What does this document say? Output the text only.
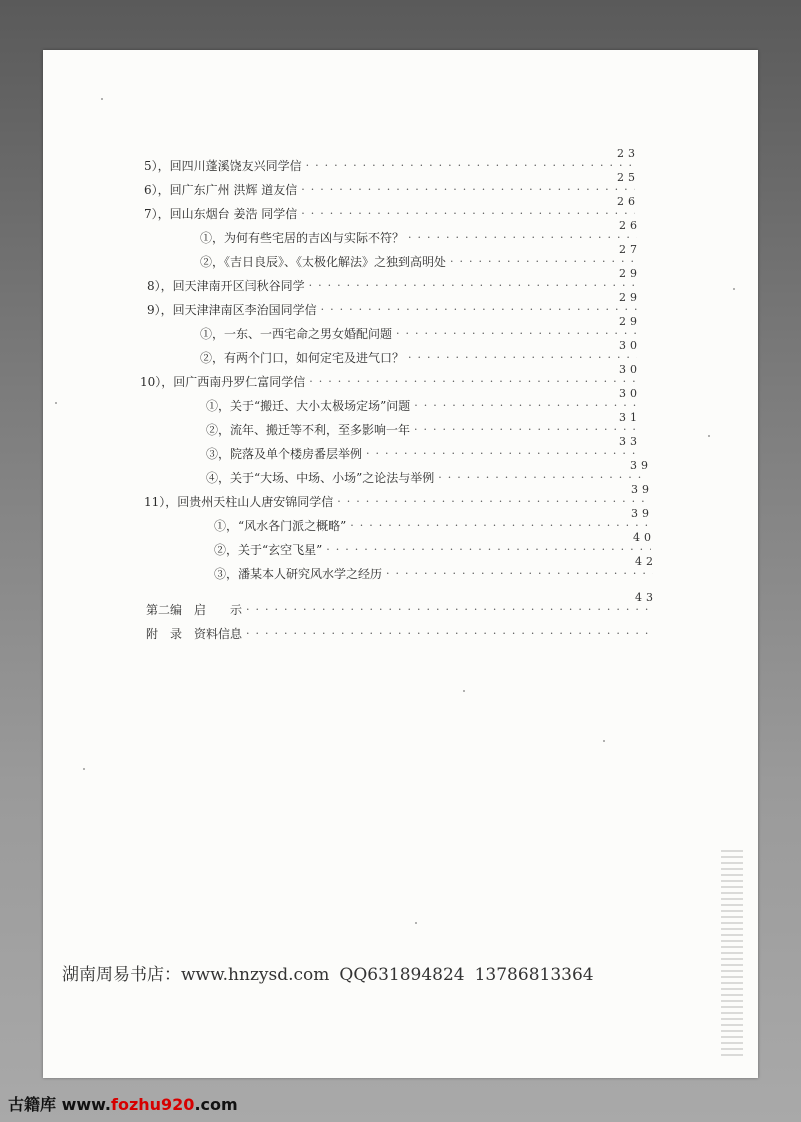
5），回四川蓬溪饶友兴同学信
·····
23
6），回广东广州 洪辉 道友信
·····
25
7），回山东烟台 姜浩 同学信
·····
26
①，为何有些宅居的吉凶与实际不符？
·····
26
②，《吉日良辰》、《太极化解法》之独到高明处
·····
27
8），回天津南开区闫秋谷同学
·····
29
9），回天津津南区李治国同学信
·····
29
①，一东、一西宅命之男女婚配问题
·····
29
②，有两个门口，如何定宅及进气口？
·····
30
10），回广西南丹罗仁富同学信
·····
30
①，关于“搬迁、大小太极场定场”问题
·····
30
②，流年、搬迁等不利，至多影响一年
·····
31
③，院落及单个楼房番层举例
·····
33
④，关于“大场、中场、小场”之论法与举例
·····
39
11），回贵州天柱山人唐安锦同学信
·····
39
①，“风水各门派之概略”
·····
39
②，关于“玄空飞星”
·····
40
③，潘某本人研究风水学之经历
·····
42
第二编　启　　示
·····
43
附　录　资料信息
·····
湖南周易书店：www.hnzysd.com QQ631894824 13786813364
古籍库 www.fozhu920.com
